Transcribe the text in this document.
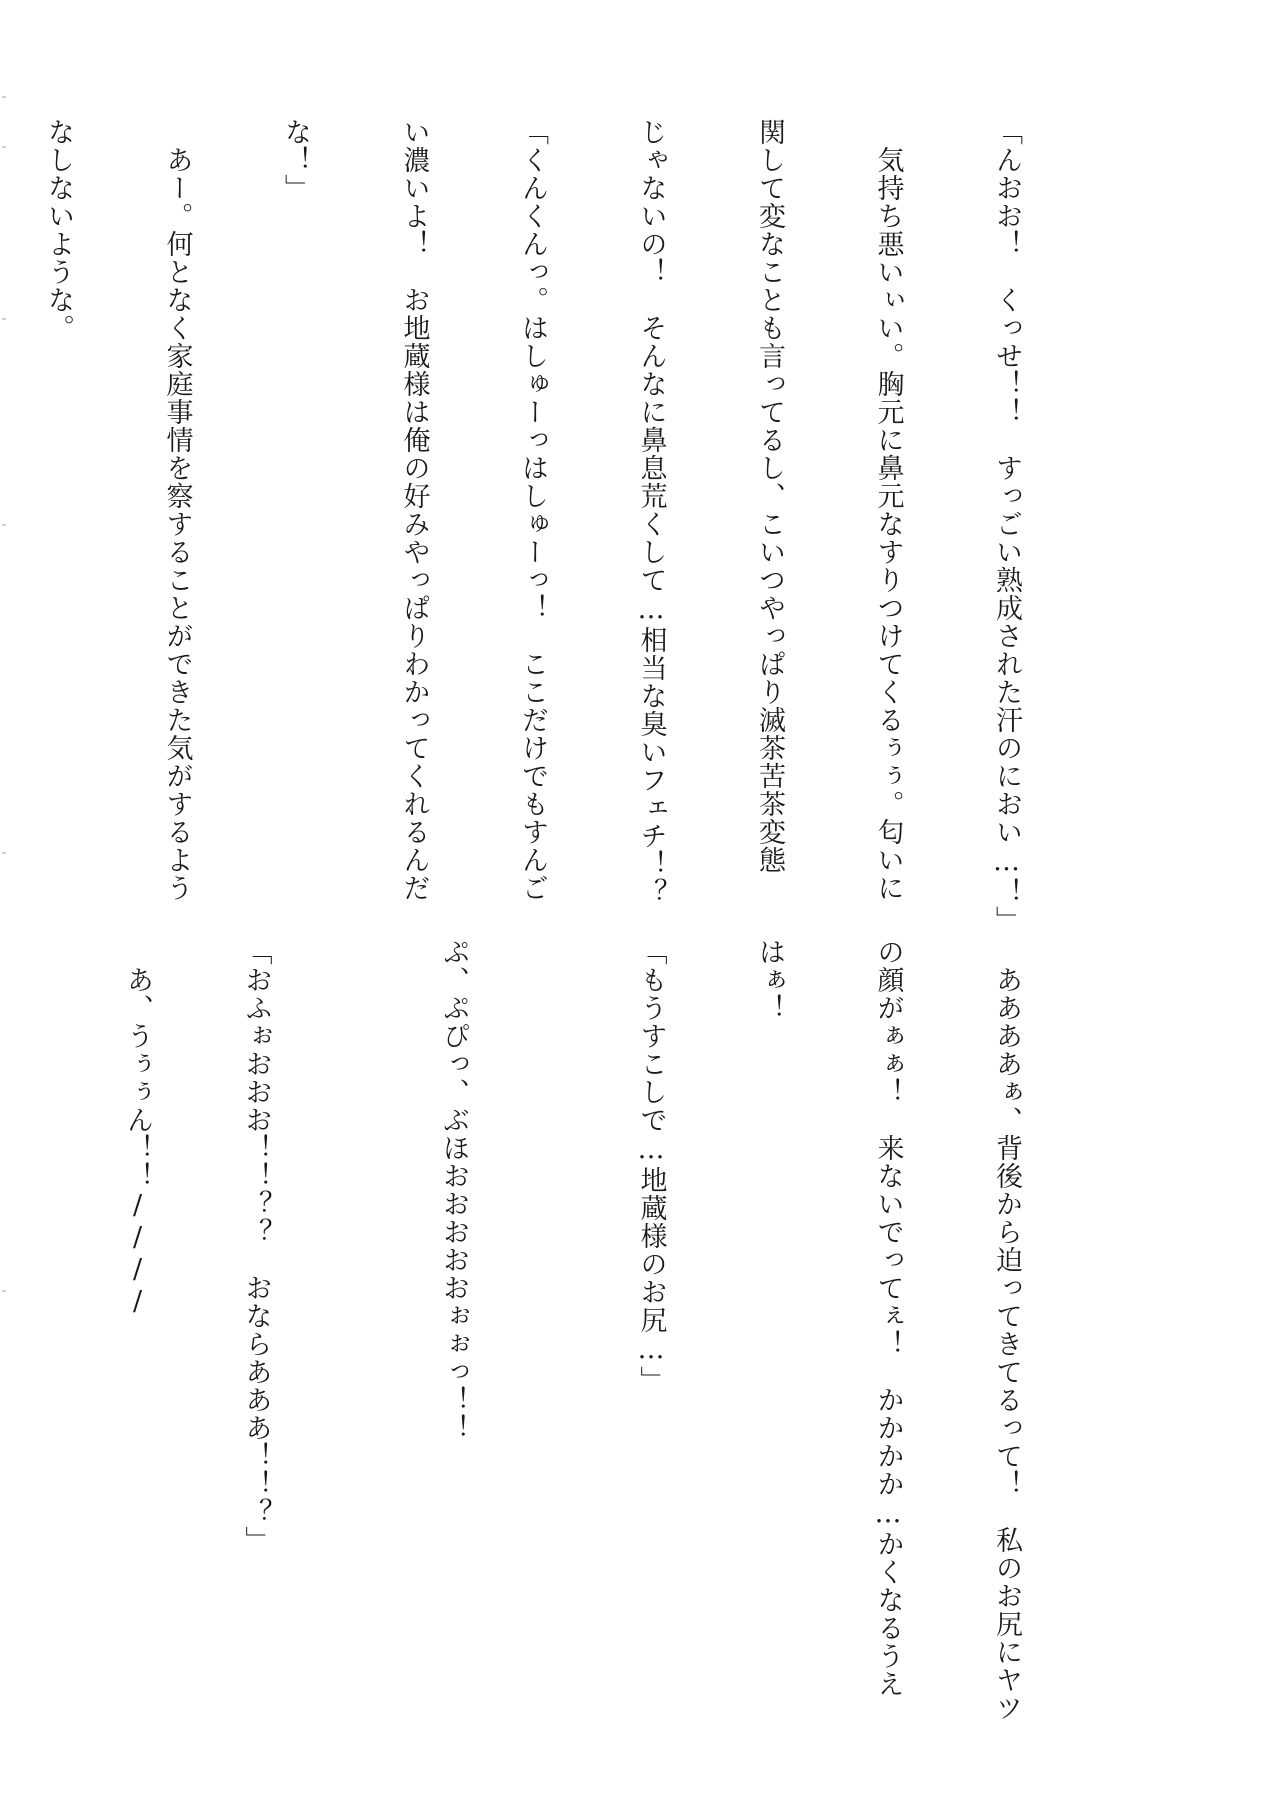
「んおお！　くっせ！！　すっごい熟成された汗のにおい…！」

　気持ち悪いぃい。胸元に鼻元なすりつけてくるぅぅ。匂いに

関して変なことも言ってるし、こいつやっぱり滅茶苦茶変態

じゃないの！　そんなに鼻息荒くして…相当な臭いフェチ！？

「くんくんっ。はしゅーっはしゅーっ！　ここだけでもすんご

い濃いよ！　お地蔵様は俺の好みやっぱりわかってくれるんだ

な！」

　あー。何となく家庭事情を察することができた気がするよう

なしないような。

　ああああぁ、背後から迫ってきてるって！　私のお尻にヤツ

の顔がぁぁ！　来ないでってぇ！　かかかか…かくなるうえ

はぁ！

「もうすこしで…地蔵様のお尻…」

ぷ、ぷぴっ、ぶほおおおおおぉぉっ！！

「おふぉおおお！！？？　おならあああ！！？」

　あ、うぅぅん！！////
